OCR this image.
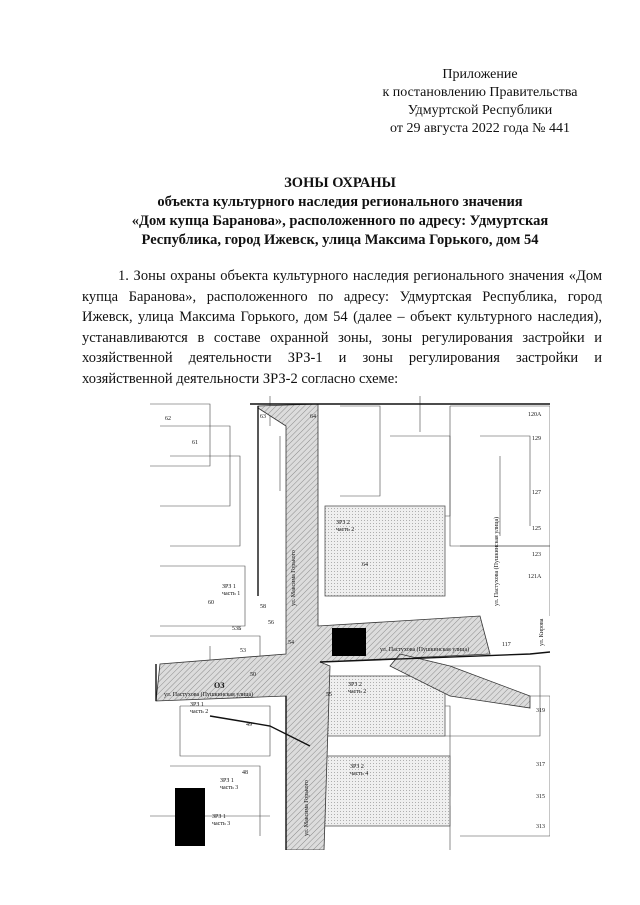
Приложение
к постановлению Правительства
Удмуртской Республики
от 29 августа 2022 года № 441
ЗОНЫ ОХРАНЫ
объекта культурного наследия регионального значения
«Дом купца Баранова», расположенного по адресу: Удмуртская
Республика, город Ижевск, улица Максима Горького, дом 54
1. Зоны охраны объекта культурного наследия регионального значения «Дом купца Баранова», расположенного по адресу: Удмуртская Республика, город Ижевск, улица Максима Горького, дом 54 (далее – объект культурного наследия), устанавливаются в составе охранной зоны, зоны регулирования застройки и хозяйственной деятельности ЗРЗ-1 и зоны регулирования застройки и хозяйственной деятельности ЗРЗ-2 согласно схеме:
62
61
63	64	120А
129
127
125
123
121А
64
60
58
56
54
53Б
53
55
50
49
48
117
319
317
315
313
ЗРЗ 2
часть 2
ЗРЗ 1
часть 1
ЗРЗ 1
часть 2
ЗРЗ 1
часть 3
ЗРЗ 1
часть 3
ЗРЗ 2
часть 2
ЗРЗ 2
часть 4
ОЗ
ул. Максима Горького
ул. Максима Горького
ул. Пастухова (Пушкинская улица)
ул. Кирова
ул. Пастухова (Пушкинская улица)
ул. Пастухова (Пушкинская улица)
